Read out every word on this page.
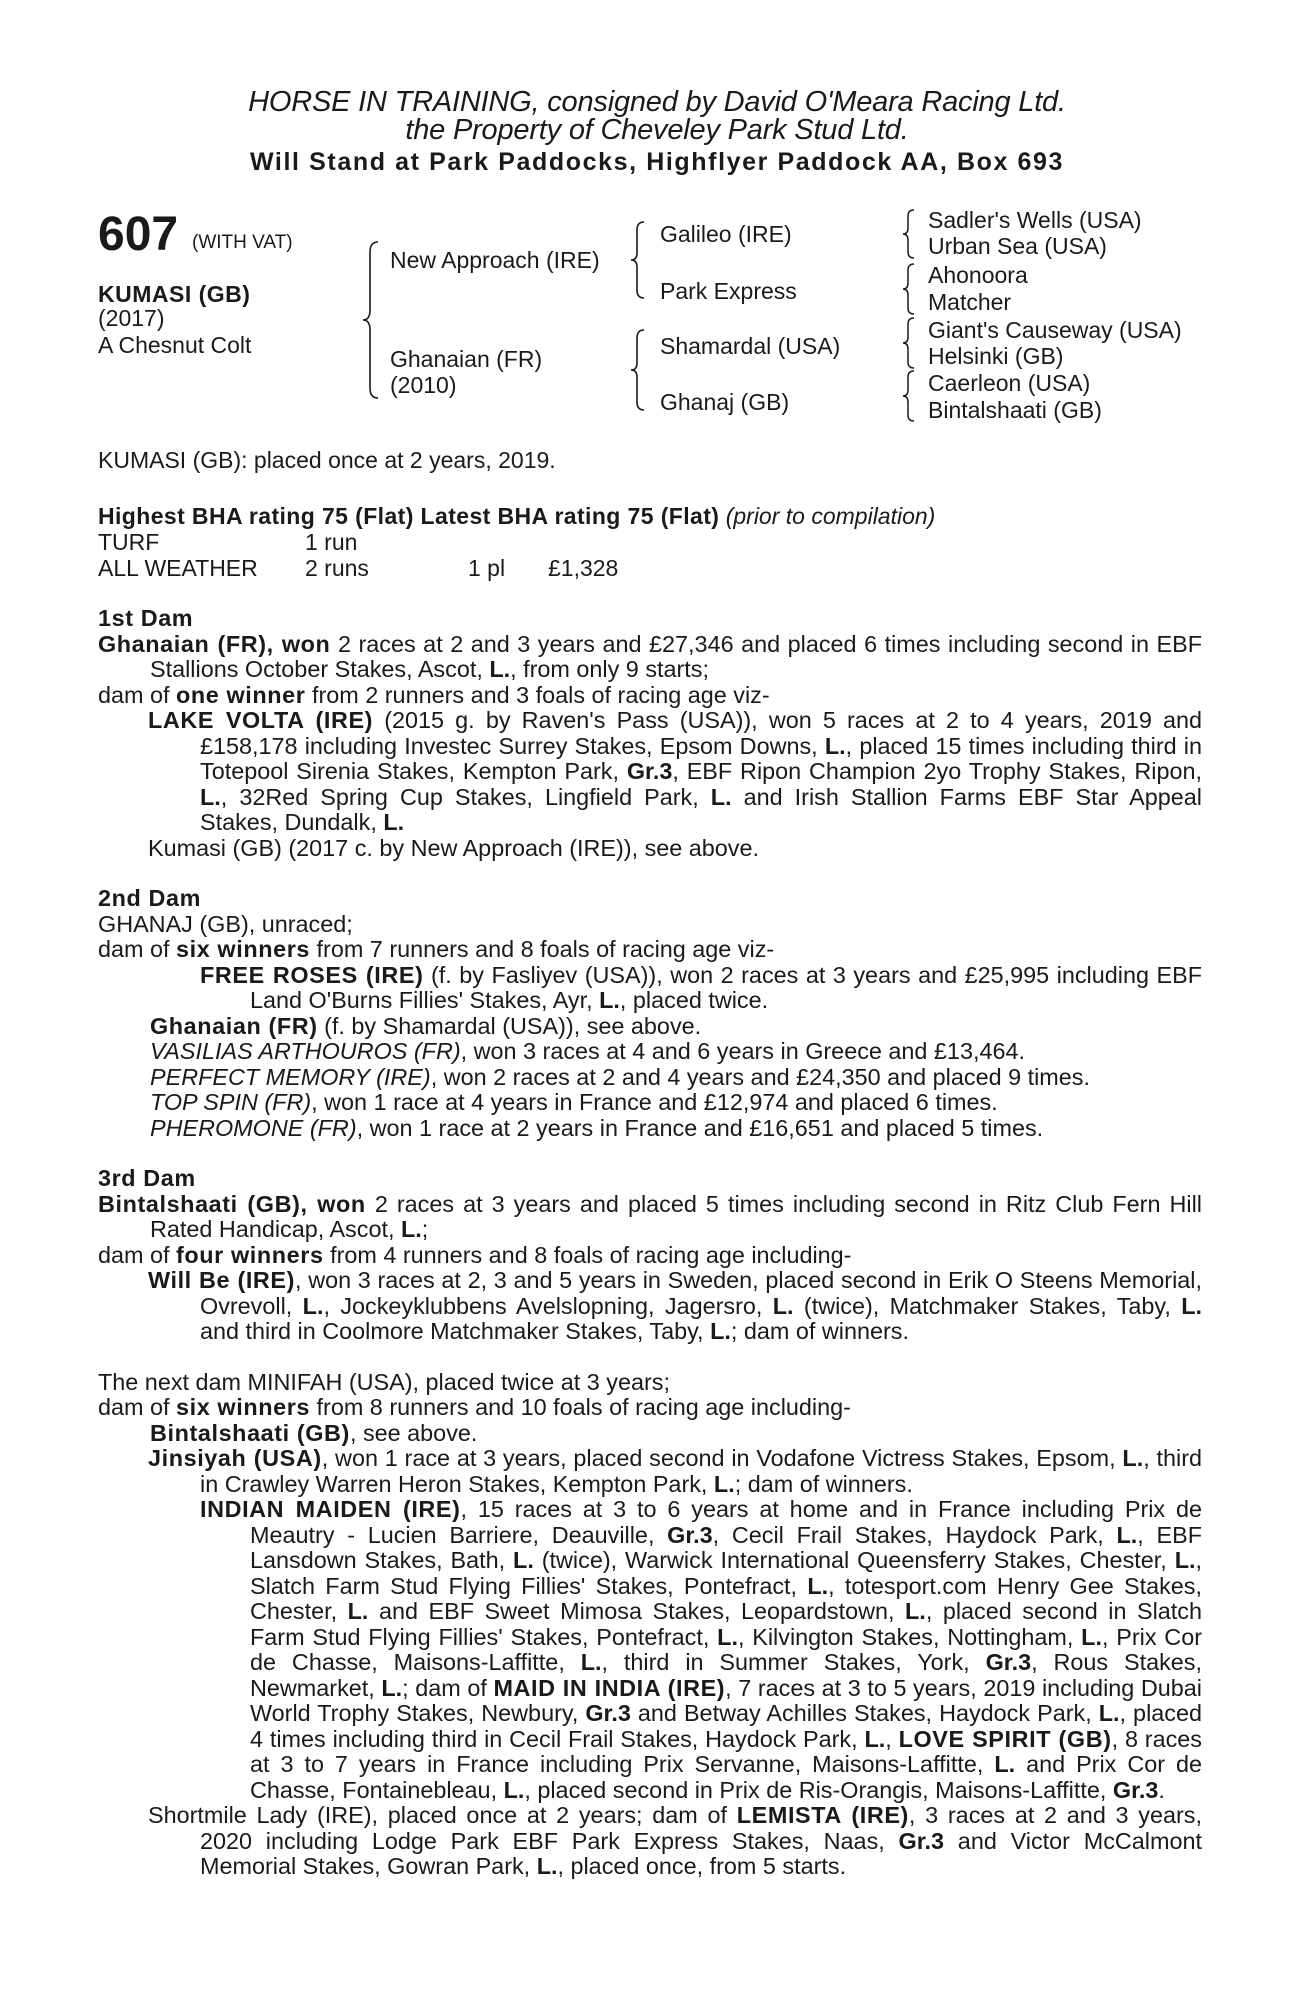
HORSE IN TRAINING, consigned by David O'Meara Racing Ltd.
the Property of Cheveley Park Stud Ltd.
Will Stand at Park Paddocks, Highflyer Paddock AA, Box 693
607 (WITH VAT)
KUMASI (GB)
(2017)
A Chesnut Colt
New Approach (IRE)
Ghanaian (FR)
(2010)
Galileo (IRE)
Park Express
Shamardal (USA)
Ghanaj (GB)
Sadler's Wells (USA)
Urban Sea (USA)
Ahonoora
Matcher
Giant's Causeway (USA)
Helsinki (GB)
Caerleon (USA)
Bintalshaati (GB)
KUMASI (GB): placed once at 2 years, 2019.
Highest BHA rating 75 (Flat) Latest BHA rating 75 (Flat) (prior to compilation)
TURF	1 run
ALL WEATHER 2 runs	1 pl £1,328

1st Dam

Ghanaian (FR), won 2 races at 2 and 3 years and £27,346 and placed 6 times including second in EBF Stallions October Stakes, Ascot, L., from only 9 starts;

dam of one winner from 2 runners and 3 foals of racing age viz-

LAKE VOLTA (IRE) (2015 g. by Raven's Pass (USA)), won 5 races at 2 to 4 years, 2019 and £158,178 including Investec Surrey Stakes, Epsom Downs, L., placed 15 times including third in Totepool Sirenia Stakes, Kempton Park, Gr.3, EBF Ripon Champion 2yo Trophy Stakes, Ripon, L., 32Red Spring Cup Stakes, Lingfield Park, L. and Irish Stallion Farms EBF Star Appeal Stakes, Dundalk, L.

Kumasi (GB) (2017 c. by New Approach (IRE)), see above.

2nd Dam

GHANAJ (GB), unraced;

dam of six winners from 7 runners and 8 foals of racing age viz-

FREE ROSES (IRE) (f. by Fasliyev (USA)), won 2 races at 3 years and £25,995 including EBF Land O'Burns Fillies' Stakes, Ayr, L., placed twice.

Ghanaian (FR) (f. by Shamardal (USA)), see above.

VASILIAS ARTHOUROS (FR), won 3 races at 4 and 6 years in Greece and £13,464.

PERFECT MEMORY (IRE), won 2 races at 2 and 4 years and £24,350 and placed 9 times.

TOP SPIN (FR), won 1 race at 4 years in France and £12,974 and placed 6 times.

PHEROMONE (FR), won 1 race at 2 years in France and £16,651 and placed 5 times.

3rd Dam

Bintalshaati (GB), won 2 races at 3 years and placed 5 times including second in Ritz Club Fern Hill Rated Handicap, Ascot, L.;

dam of four winners from 4 runners and 8 foals of racing age including-

Will Be (IRE), won 3 races at 2, 3 and 5 years in Sweden, placed second in Erik O Steens Memorial, Ovrevoll, L., Jockeyklubbens Avelslopning, Jagersro, L. (twice), Matchmaker Stakes, Taby, L. and third in Coolmore Matchmaker Stakes, Taby, L.; dam of winners.

The next dam MINIFAH (USA), placed twice at 3 years;

dam of six winners from 8 runners and 10 foals of racing age including-

Bintalshaati (GB), see above.

Jinsiyah (USA), won 1 race at 3 years, placed second in Vodafone Victress Stakes, Epsom, L., third in Crawley Warren Heron Stakes, Kempton Park, L.; dam of winners.

INDIAN MAIDEN (IRE), 15 races at 3 to 6 years at home and in France including Prix de Meautry - Lucien Barriere, Deauville, Gr.3, Cecil Frail Stakes, Haydock Park, L., EBF Lansdown Stakes, Bath, L. (twice), Warwick International Queensferry Stakes, Chester, L., Slatch Farm Stud Flying Fillies' Stakes, Pontefract, L., totesport.com Henry Gee Stakes, Chester, L. and EBF Sweet Mimosa Stakes, Leopardstown, L., placed second in Slatch Farm Stud Flying Fillies' Stakes, Pontefract, L., Kilvington Stakes, Nottingham, L., Prix Cor de Chasse, Maisons-Laffitte, L., third in Summer Stakes, York, Gr.3, Rous Stakes, Newmarket, L.; dam of MAID IN INDIA (IRE), 7 races at 3 to 5 years, 2019 including Dubai World Trophy Stakes, Newbury, Gr.3 and Betway Achilles Stakes, Haydock Park, L., placed 4 times including third in Cecil Frail Stakes, Haydock Park, L., LOVE SPIRIT (GB), 8 races at 3 to 7 years in France including Prix Servanne, Maisons-Laffitte, L. and Prix Cor de Chasse, Fontainebleau, L., placed second in Prix de Ris-Orangis, Maisons-Laffitte, Gr.3.

Shortmile Lady (IRE), placed once at 2 years; dam of LEMISTA (IRE), 3 races at 2 and 3 years, 2020 including Lodge Park EBF Park Express Stakes, Naas, Gr.3 and Victor McCalmont Memorial Stakes, Gowran Park, L., placed once, from 5 starts.
